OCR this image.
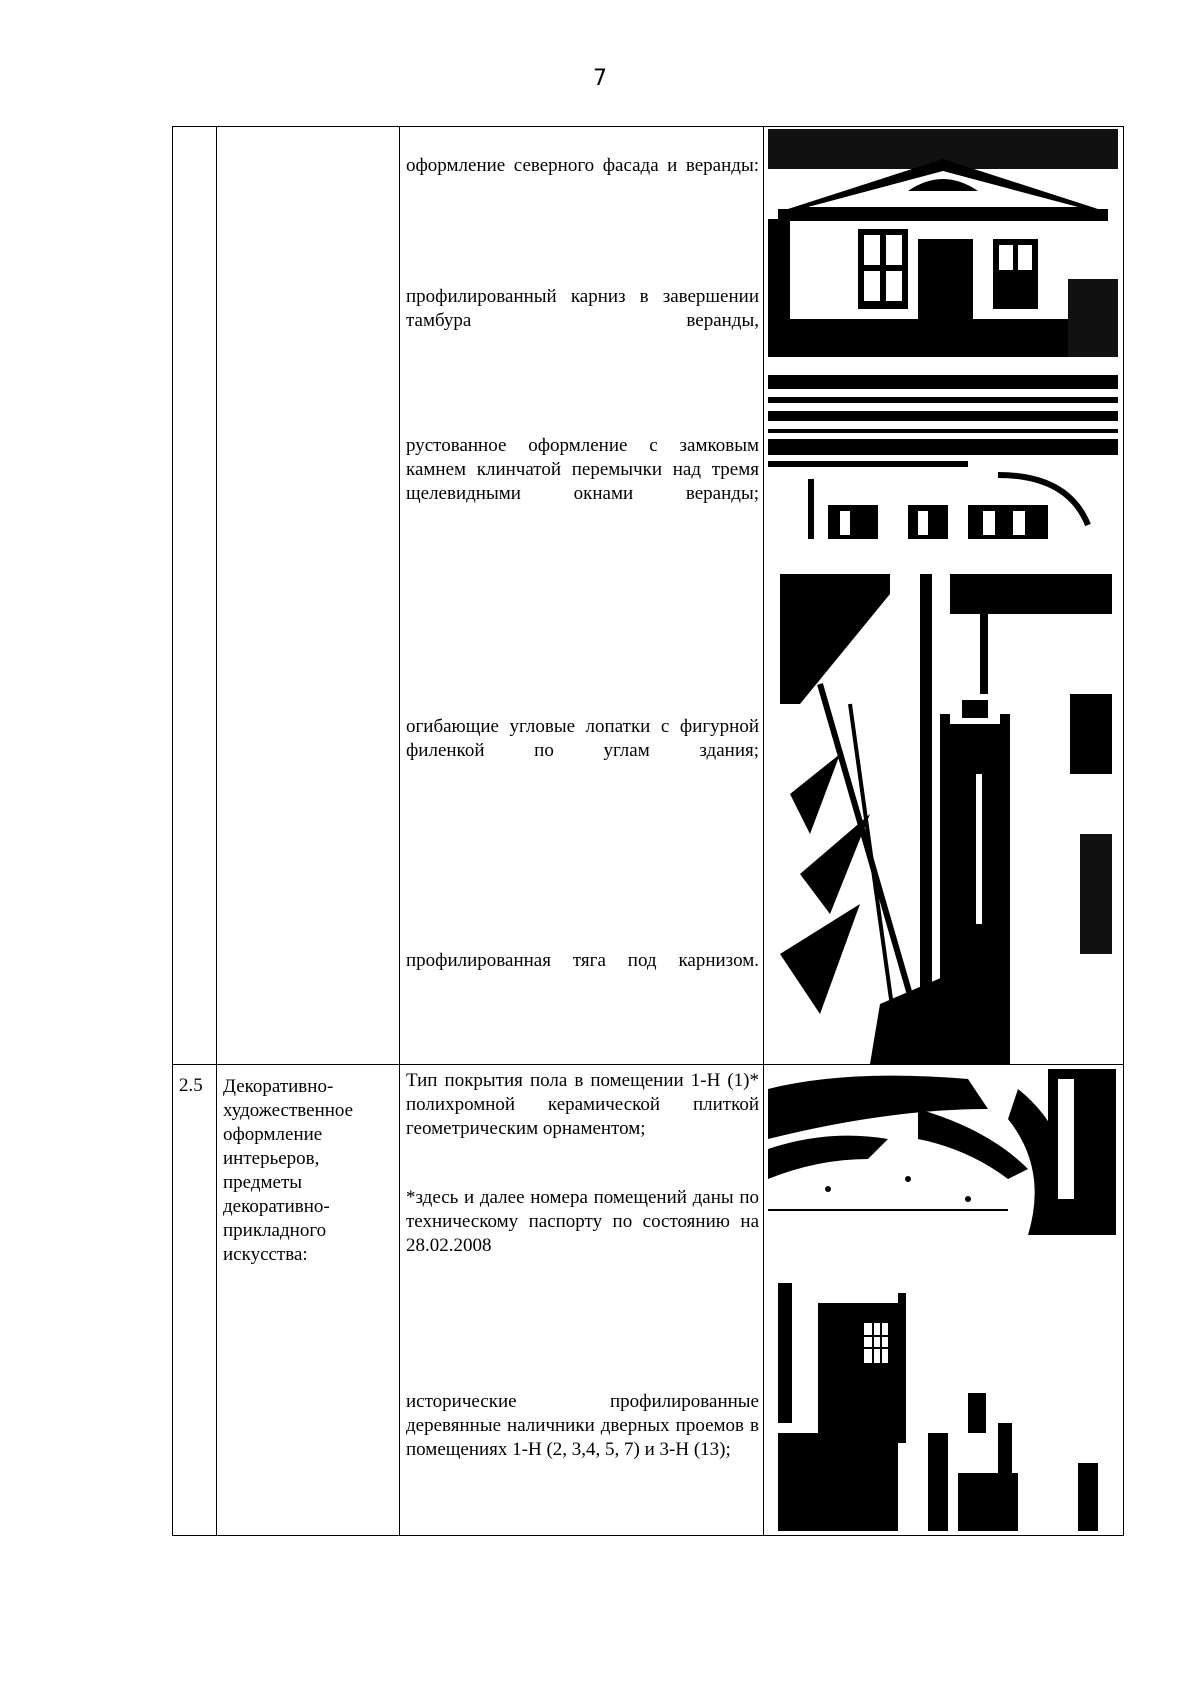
7

		оформление северного фасада и веранды:
профилированный карниз в завершении тамбура веранды,
рустованное оформление с замковым камнем клинчатой перемычки над тремя щелевидными окнами веранды;
огибающие угловые лопатки с фигурной филенкой по углам здания;
профилированная тяга под карнизом.

2.5	Декоративно-художественное оформление интерьеров, предметы декоративно-прикладного искусства:	Тип покрытия пола в помещении 1-Н (1)* полихромной керамической плиткой геометрическим орнаментом;
*здесь и далее номера помещений даны по техническому паспорту по состоянию на 28.02.2008
исторические профилированные деревянные наличники дверных проемов в помещениях 1-Н (2, 3,4, 5, 7) и 3-Н (13);
